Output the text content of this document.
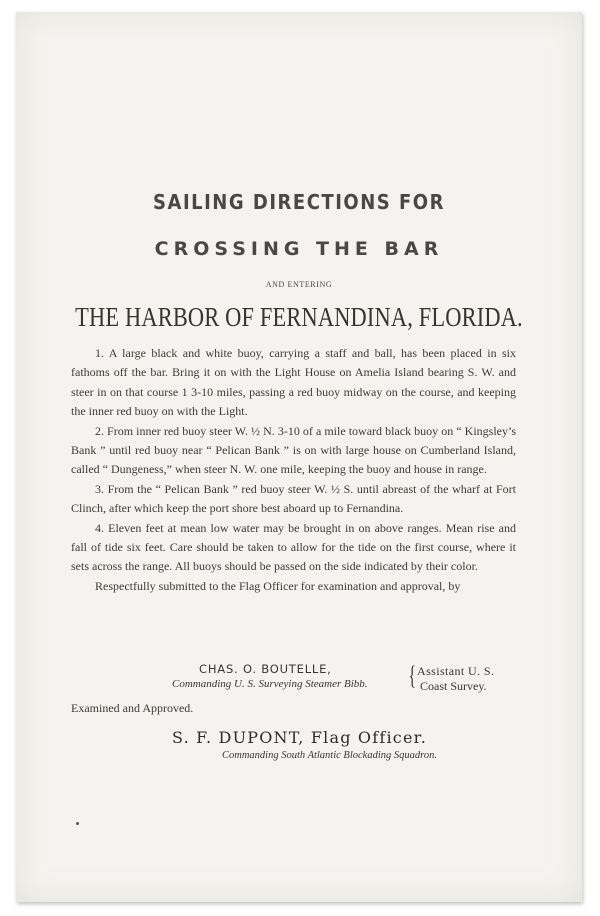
SAILING DIRECTIONS FOR
CROSSING THE BAR
AND ENTERING
THE HARBOR OF FERNANDINA, FLORIDA.

1. A large black and white buoy, carrying a staff and ball, has been placed in six fathoms off the bar. Bring it on with the Light House on Amelia Island bearing S. W. and steer in on that course 1 3-10 miles, passing a red buoy midway on the course, and keeping the inner red buoy on with the Light.

2. From inner red buoy steer W. ½ N. 3-10 of a mile toward black buoy on “ Kingsley’s Bank ” until red buoy near “ Pelican Bank ” is on with large house on Cumberland Island, called “ Dungeness,” when steer N. W. one mile, keeping the buoy and house in range.

3. From the “ Pelican Bank ” red buoy steer W. ½ S. until abreast of the wharf at Fort Clinch, after which keep the port shore best aboard up to Fernandina.

4. Eleven feet at mean low water may be brought in on above ranges. Mean rise and fall of tide six feet. Care should be taken to allow for the tide on the first course, where it sets across the range. All buoys should be passed on the side indicated by their color.

Respectfully submitted to the Flag Officer for examination and approval, by

CHAS. O. BOUTELLE,
Commanding U. S. Surveying Steamer Bibb. { Assistant U. S.
Coast Survey.
Examined and Approved.
S. F. DUPONT, Flag Officer.
Commanding South Atlantic Blockading Squadron.
